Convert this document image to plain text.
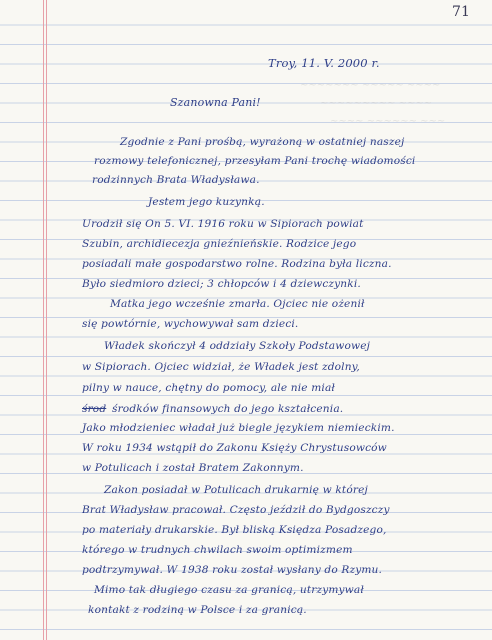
~~~~~~~ ~~~~~ ~~~~
~~~~~~~~~ ~~~~
~~~~ ~~~~~~ ~~~
71
Troy, 11. V. 2000 r.
Szanowna Pani!
Zgodnie z Pani prośbą, wyrażoną w ostatniej naszej
rozmowy telefonicznej, przesyłam Pani trochę wiadomości
rodzinnych Brata Władysława.
Jestem jego kuzynką.
Urodził się On 5. VI. 1916 roku w Sipiorach powiat
Szubin, archidiecezja gnieźnieńskie. Rodzice jego
posiadali małe gospodarstwo rolne. Rodzina była liczna.
Było siedmioro dzieci; 3 chłopców i 4 dziewczynki.
Matka jego wcześnie zmarła. Ojciec nie ożenił
się powtórnie, wychowywał sam dzieci.
Władek skończył 4 oddziały Szkoły Podstawowej
w Sipiorach. Ojciec widział, że Władek jest zdolny,
pilny w nauce, chętny do pomocy, ale nie miał
środ środków finansowych do jego kształcenia.
Jako młodzieniec władał już biegle językiem niemieckim.
W roku 1934 wstąpił do Zakonu Księży Chrystusowców
w Potulicach i został Bratem Zakonnym.
Zakon posiadał w Potulicach drukarnię w której
Brat Władysław pracował. Często jeździł do Bydgoszczy
po materiały drukarskie. Był bliską Księdza Posadzego,
którego w trudnych chwilach swoim optimizmem
podtrzymywał. W 1938 roku został wysłany do Rzymu.
Mimo tak długiego czasu za granicą, utrzymywał
kontakt z rodziną w Polsce i za granicą.
